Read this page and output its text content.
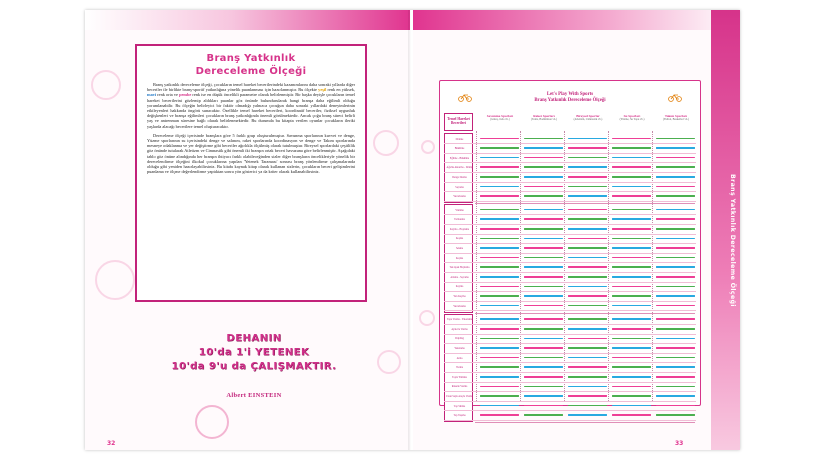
Branş Yatkınlık
Dereceleme Ölçeği

Branş yatkınlık dereceleme ölçeği, çocukların temel hareket becerilerindeki kazanımlarını daha sonraki yıllarda diğer beceriler ile birlikte branş-sportif yatkınlığına yönelik puanlanması için hazırlanmıştır. Bu ölçekte yeşil renk en yüksek, mavi renk orta ve pembe renk ise en düşük öncelikli parametre olarak belirlenmiştir. Bir başka deyişle çocukların temel hareket becerilerini gözlemip aldıkları puanlar göz önünde bulundurularak hangi branşa daha eğilimli olduğu yorumlanabilir. Bu ölçeğin belirleyici bir faktör olmadığı yalnızca çocuğun daha sonraki yıllardaki deneyimlerinin etkileyenleri hakkında öngörü sunacaktır. Özellikle temel hareket becerileri, koordinatif beceriler, fiziksel uygunluk değişkenleri ve branşa eğilimleri çocukların branş yatkınlığında önemli görülmektedir. Ancak çoğu branş süreci belirli yaş ve antrenman süresine bağlı olarak belirlenmektedir. Bu durumda bu kitapta verilen oyunlar çocukların ileriki yaşlarda alacağı becerilere temel oluşturacaktır.

Dereceleme ölçeği içerisinde branşlara göre 5 farklı grup oluşturulmuştur. Savunma sporlarının kuvvet ve denge, Yüzme sporlarının su içerisindeki denge ve salınım, raket sporlarında koordinasyon ve denge ve Takım sporlarında mesneye odaklanma ve yer değiştirme gibi beceriler ağırlıkla ölçülmüş olarak tutulmuştur. Bireysel sporlardaki çeşitlilik göz önünde tutularak Atletizm ve Cimnastik gibi önemli iki branşın ortak beceri havuzuna göre belirlenmiştir. Aşağıdaki tablo göz önüne alındığında her branşın ihtiyacı farklı olabileceğinden sizler diğer branşların öncelikleriyle yönelik bir derecelendirme ölçeğini ilkokul çocuklarına yapılan 'Yetenek Taraması' sonrası branş yönlendirme çalışmalarında olduğu gibi yeniden hazırlayabilirsiniz. Bu kitabı kaynak kitap olarak kullanan sizlerin, çocukların beceri gelişimlerini puanlama ve ölçme değerlendirme yaptıktan sonra yön gösterici ya da kriter olarak kullanabilirsiniz.

DEHANIN
10'da 1'i YETENEK
10'da 9'u da ÇALIŞMAKTIR.
Albert EINSTEIN
32
Let's Play With Sports
Branş Yatkınlık Dereceleme Ölçeği
Temel Hareket
Becerileri
Savunma Sporları
(Güreş, Judo vb.)
Raket Sporları
(Tenis, Badminton vb.)
Bireysel Sporlar
(Atletizm, Cimnastik vb.)
Su Sporları
(Yüzme, Su Topu vb.)
Takım Sporları
(Futbol, Basketbol vb.)
Dönme
Bükülme
Eğilme - Bükülme
Ağırlık Aktarma - Dönüş
Denge Durma
Sıçrama
Yuvarlanma
Yürüme
Tırmanma
Kayma - Hoplama
Koşma
Sekme
Kaçma
Tek Ayak Hoplama
Atlama - Sıçrama
Kayma
Yan Kayma
Yuvarlanma
Topa Vurma - Yakalama
Ayak ile Vurma
Dripling
Yakalama
Atma
Vurma
Topla Yürüme
Raketle Vurma
Uzun Saplı Araçla Vurma
Top Sürme
Top Taşıma
Branş Yatkınlık Dereceleme Ölçeği
33
